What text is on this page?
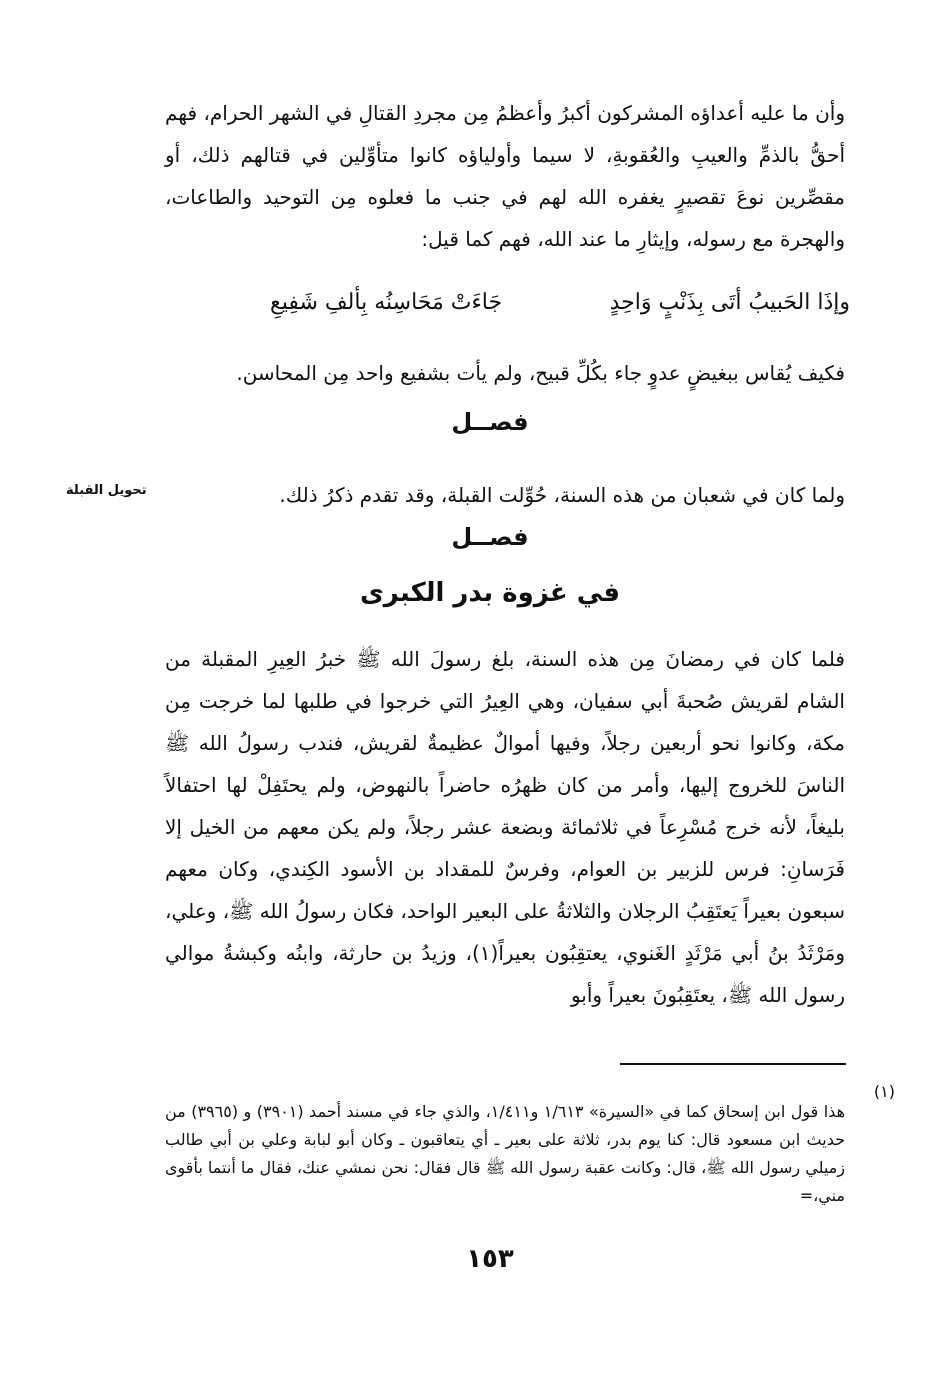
وأن ما عليه أعداؤه المشركون أكبرُ وأعظمُ مِن مجردِ القتالِ في الشهر الحرام، فهم أحقُّ بالذمِّ والعيبِ والعُقوبةِ، لا سيما وأولياؤه كانوا متأوِّلين في قتالهم ذلك، أو مقصِّرين نوعَ تقصيرٍ يغفره الله لهم في جنب ما فعلوه مِن التوحيد والطاعات، والهجرة مع رسوله، وإيثارِ ما عند الله، فهم كما قيل:

وإذَا الحَبيبُ أتَى بِذَنْبٍ وَاحِدٍ
جَاءَتْ مَحَاسِنُه بِألفِ شَفِيعِ

فكيف يُقاس ببغيضٍ عدوٍ جاء بكُلِّ قبيح، ولم يأت بشفيع واحد مِن المحاسن.

فصــل

ولما كان في شعبان من هذه السنة، حُوِّلت القبلة، وقد تقدم ذكرُ ذلك.

تحويل القبلة
فصــل
في غزوة بدر الكبرى

فلما كان في رمضانَ مِن هذه السنة، بلغ رسولَ الله ﷺ خبرُ العِيرِ المقبلة من الشام لقريش صُحبةَ أبي سفيان، وهي العِيرُ التي خرجوا في طلبها لما خرجت مِن مكة، وكانوا نحو أربعين رجلاً، وفيها أموالٌ عظيمةٌ لقريش، فندب رسولُ الله ﷺ الناسَ للخروج إليها، وأمر من كان ظهرُه حاضراً بالنهوض، ولم يحتَفِلْ لها احتفالاً بليغاً، لأنه خرج مُسْرِعاً في ثلاثمائة وبضعة عشر رجلاً، ولم يكن معهم من الخيل إلا فَرَسانِ: فرس للزبير بن العوام، وفرسٌ للمقداد بن الأسود الكِندي، وكان معهم سبعون بعيراً يَعتَقِبُ الرجلان والثلاثةُ على البعير الواحد، فكان رسولُ الله ﷺ، وعلي، ومَرْثَدُ بنُ أبي مَرْثَدٍ الغَنوي، يعتقِبُون بعيراً(١)، وزيدُ بن حارثة، وابنُه وكبشةُ موالي رسول الله ﷺ، يعتَقِبُونَ بعيراً وأبو

(١)

هذا قول ابن إسحاق كما في «السيرة» ١/٦١٣ و١/٤١١، والذي جاء في مسند أحمد (٣٩٠١) و (٣٩٦٥) من حديث ابن مسعود قال: كنا يوم بدر، ثلاثة على بعير ـ أي يتعاقبون ـ وكان أبو لبابة وعلي بن أبي طالب زميلي رسول الله ﷺ، قال: وكانت عقبة رسول الله ﷺ قال فقال: نحن نمشي عنك، فقال ما أنتما بأقوى مني،=

١٥٣
